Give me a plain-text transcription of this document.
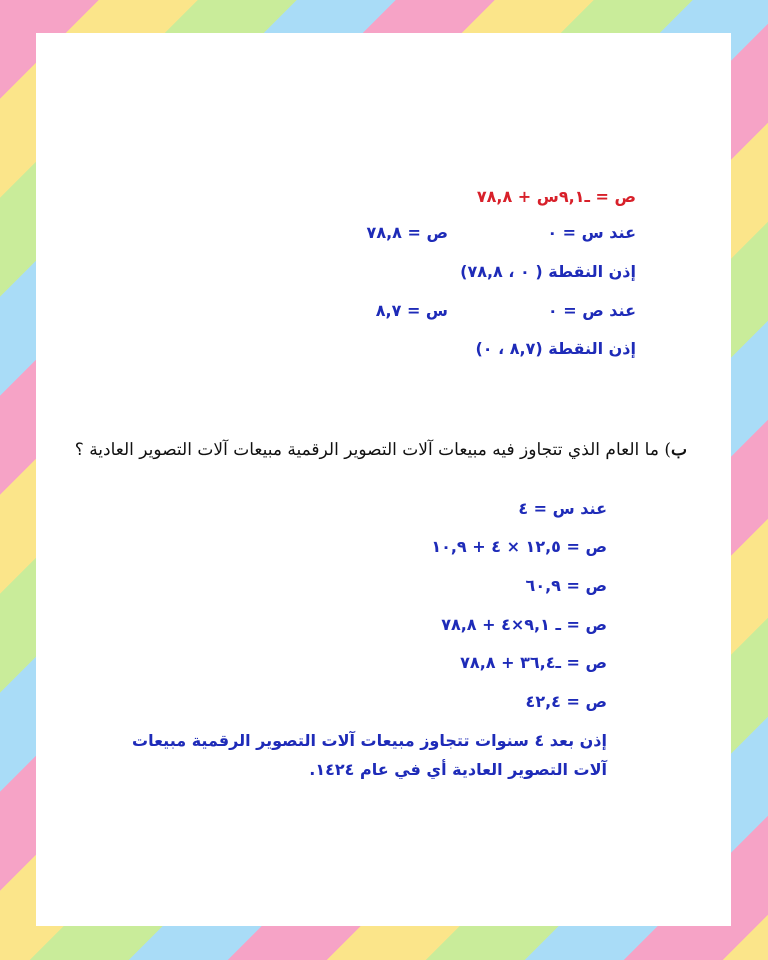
ص = ـ٩,١س + ٧٨,٨
عند س = ٠
ص = ٧٨,٨
إذن النقطة ( ٠ ، ٧٨,٨)
عند ص = ٠
س = ٨,٧
إذن النقطة (٨,٧ ، ٠)
ب) ما العام الذي تتجاوز فيه مبيعات آلات التصوير الرقمية مبيعات آلات التصوير العادية ؟
عند س = ٤
ص = ١٢,٥ × ٤ + ١٠,٩
ص = ٦٠,٩
ص = ـ ٩,١×٤ + ٧٨,٨
ص = ـ٣٦,٤ + ٧٨,٨
ص = ٤٢,٤
إذن بعد ٤ سنوات تتجاوز مبيعات آلات التصوير الرقمية مبيعات
آلات التصوير العادية أي في عام ١٤٢٤.
